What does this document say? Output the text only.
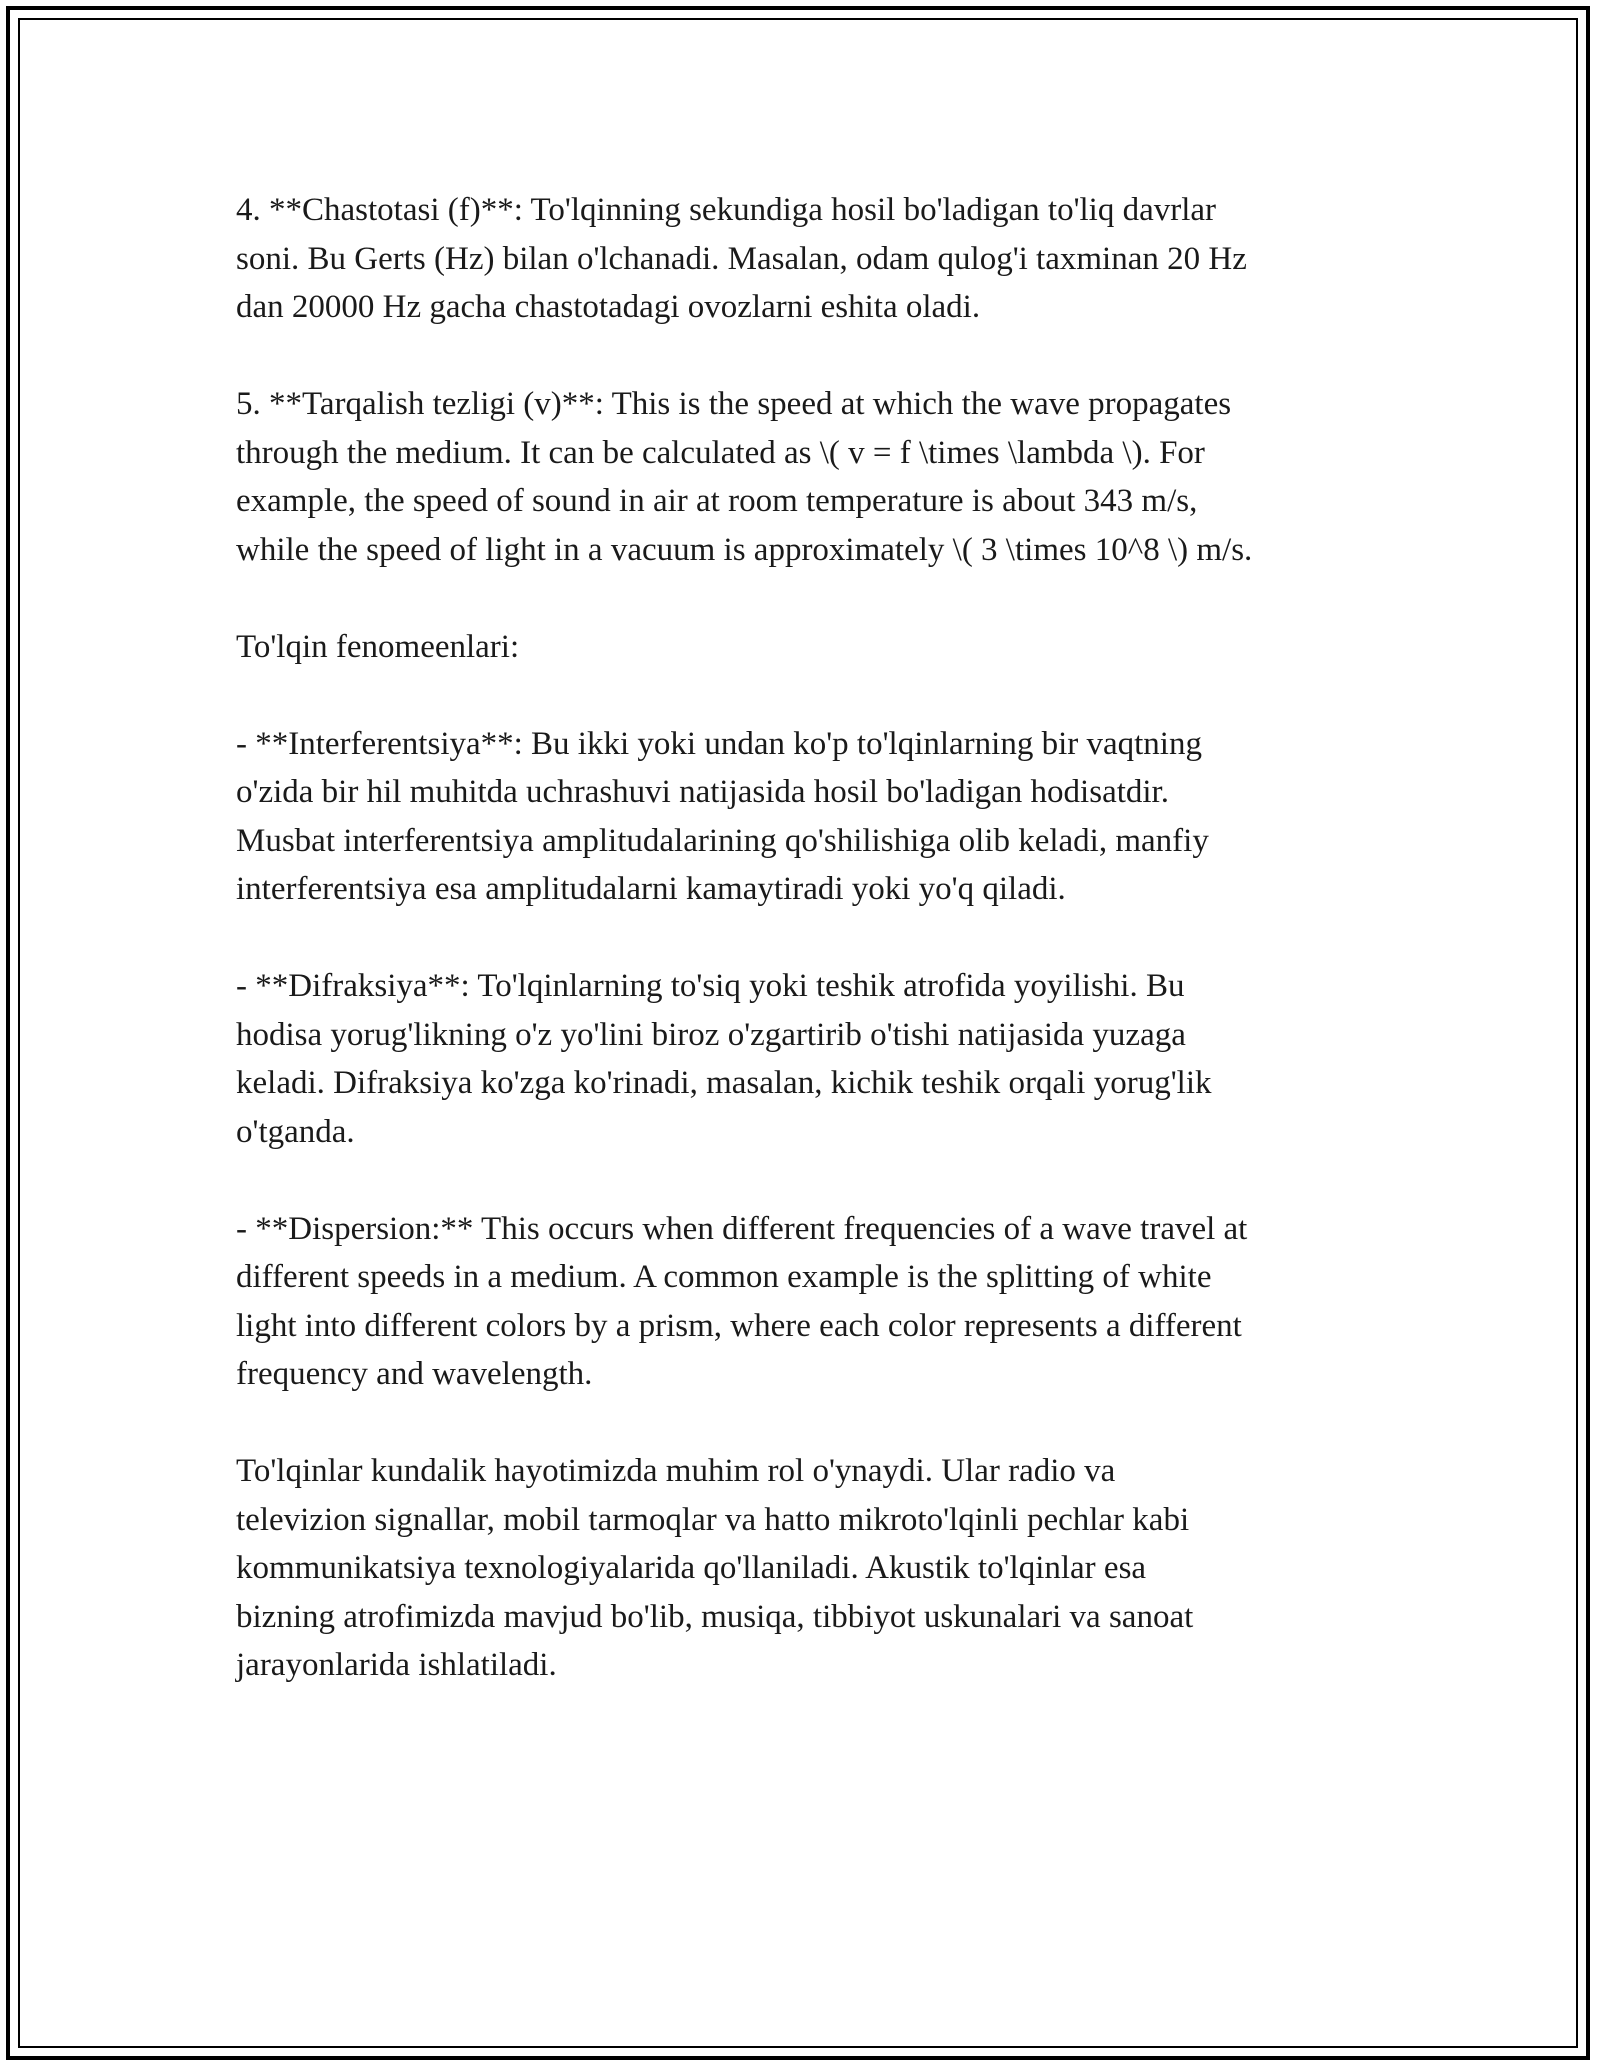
4. **Chastotasi (f)**: To'lqinning sekundiga hosil bo'ladigan to'liq davrlar
soni. Bu Gerts (Hz) bilan o'lchanadi. Masalan, odam qulog'i taxminan 20 Hz
dan 20000 Hz gacha chastotadagi ovozlarni eshita oladi.

5. **Tarqalish tezligi (v)**: This is the speed at which the wave propagates
through the medium. It can be calculated as \( v = f \times \lambda \). For
example, the speed of sound in air at room temperature is about 343 m/s,
while the speed of light in a vacuum is approximately \( 3 \times 10^8 \) m/s.

To'lqin fenomeenlari:

- **Interferentsiya**: Bu ikki yoki undan ko'p to'lqinlarning bir vaqtning
o'zida bir hil muhitda uchrashuvi natijasida hosil bo'ladigan hodisatdir.
Musbat interferentsiya amplitudalarining qo'shilishiga olib keladi, manfiy
interferentsiya esa amplitudalarni kamaytiradi yoki yo'q qiladi.

- **Difraksiya**: To'lqinlarning to'siq yoki teshik atrofida yoyilishi. Bu
hodisa yorug'likning o'z yo'lini biroz o'zgartirib o'tishi natijasida yuzaga
keladi. Difraksiya ko'zga ko'rinadi, masalan, kichik teshik orqali yorug'lik
o'tganda.

- **Dispersion:** This occurs when different frequencies of a wave travel at
different speeds in a medium. A common example is the splitting of white
light into different colors by a prism, where each color represents a different
frequency and wavelength.

To'lqinlar kundalik hayotimizda muhim rol o'ynaydi. Ular radio va
televizion signallar, mobil tarmoqlar va hatto mikroto'lqinli pechlar kabi
kommunikatsiya texnologiyalarida qo'llaniladi. Akustik to'lqinlar esa
bizning atrofimizda mavjud bo'lib, musiqa, tibbiyot uskunalari va sanoat
jarayonlarida ishlatiladi.
